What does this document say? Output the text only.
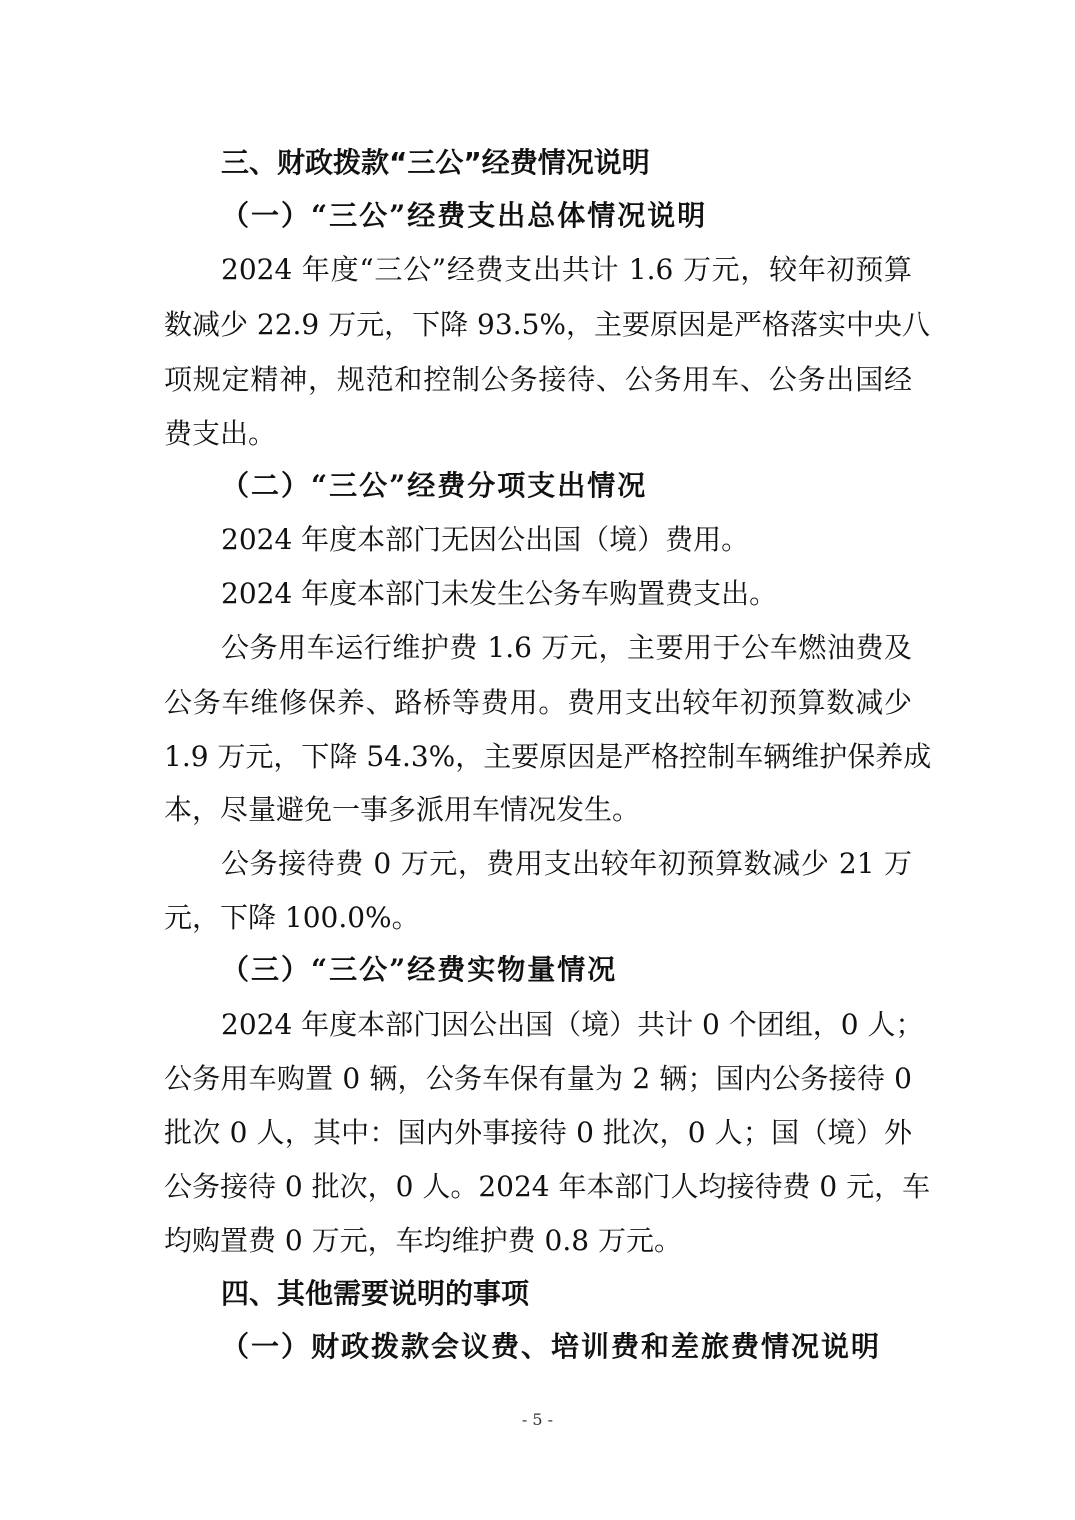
三、财政拨款“三公”经费情况说明
（一）“三公”经费支出总体情况说明
2024 年度“三公”经费支出共计 1.6 万元，较年初预算
数减少 22.9 万元，下降 93.5%，主要原因是严格落实中央八
项规定精神，规范和控制公务接待、公务用车、公务出国经
费支出。
（二）“三公”经费分项支出情况
2024 年度本部门无因公出国（境）费用。
2024 年度本部门未发生公务车购置费支出。
公务用车运行维护费 1.6 万元，主要用于公车燃油费及
公务车维修保养、路桥等费用。费用支出较年初预算数减少
1.9 万元，下降 54.3%，主要原因是严格控制车辆维护保养成
本，尽量避免一事多派用车情况发生。
公务接待费 0 万元，费用支出较年初预算数减少 21 万
元，下降 100.0%。
（三）“三公”经费实物量情况
2024 年度本部门因公出国（境）共计 0 个团组，0 人；
公务用车购置 0 辆，公务车保有量为 2 辆；国内公务接待 0
批次 0 人，其中：国内外事接待 0 批次，0 人；国（境）外
公务接待 0 批次，0 人。2024 年本部门人均接待费 0 元，车
均购置费 0 万元，车均维护费 0.8 万元。
四、其他需要说明的事项
（一）财政拨款会议费、培训费和差旅费情况说明
- 5 -
